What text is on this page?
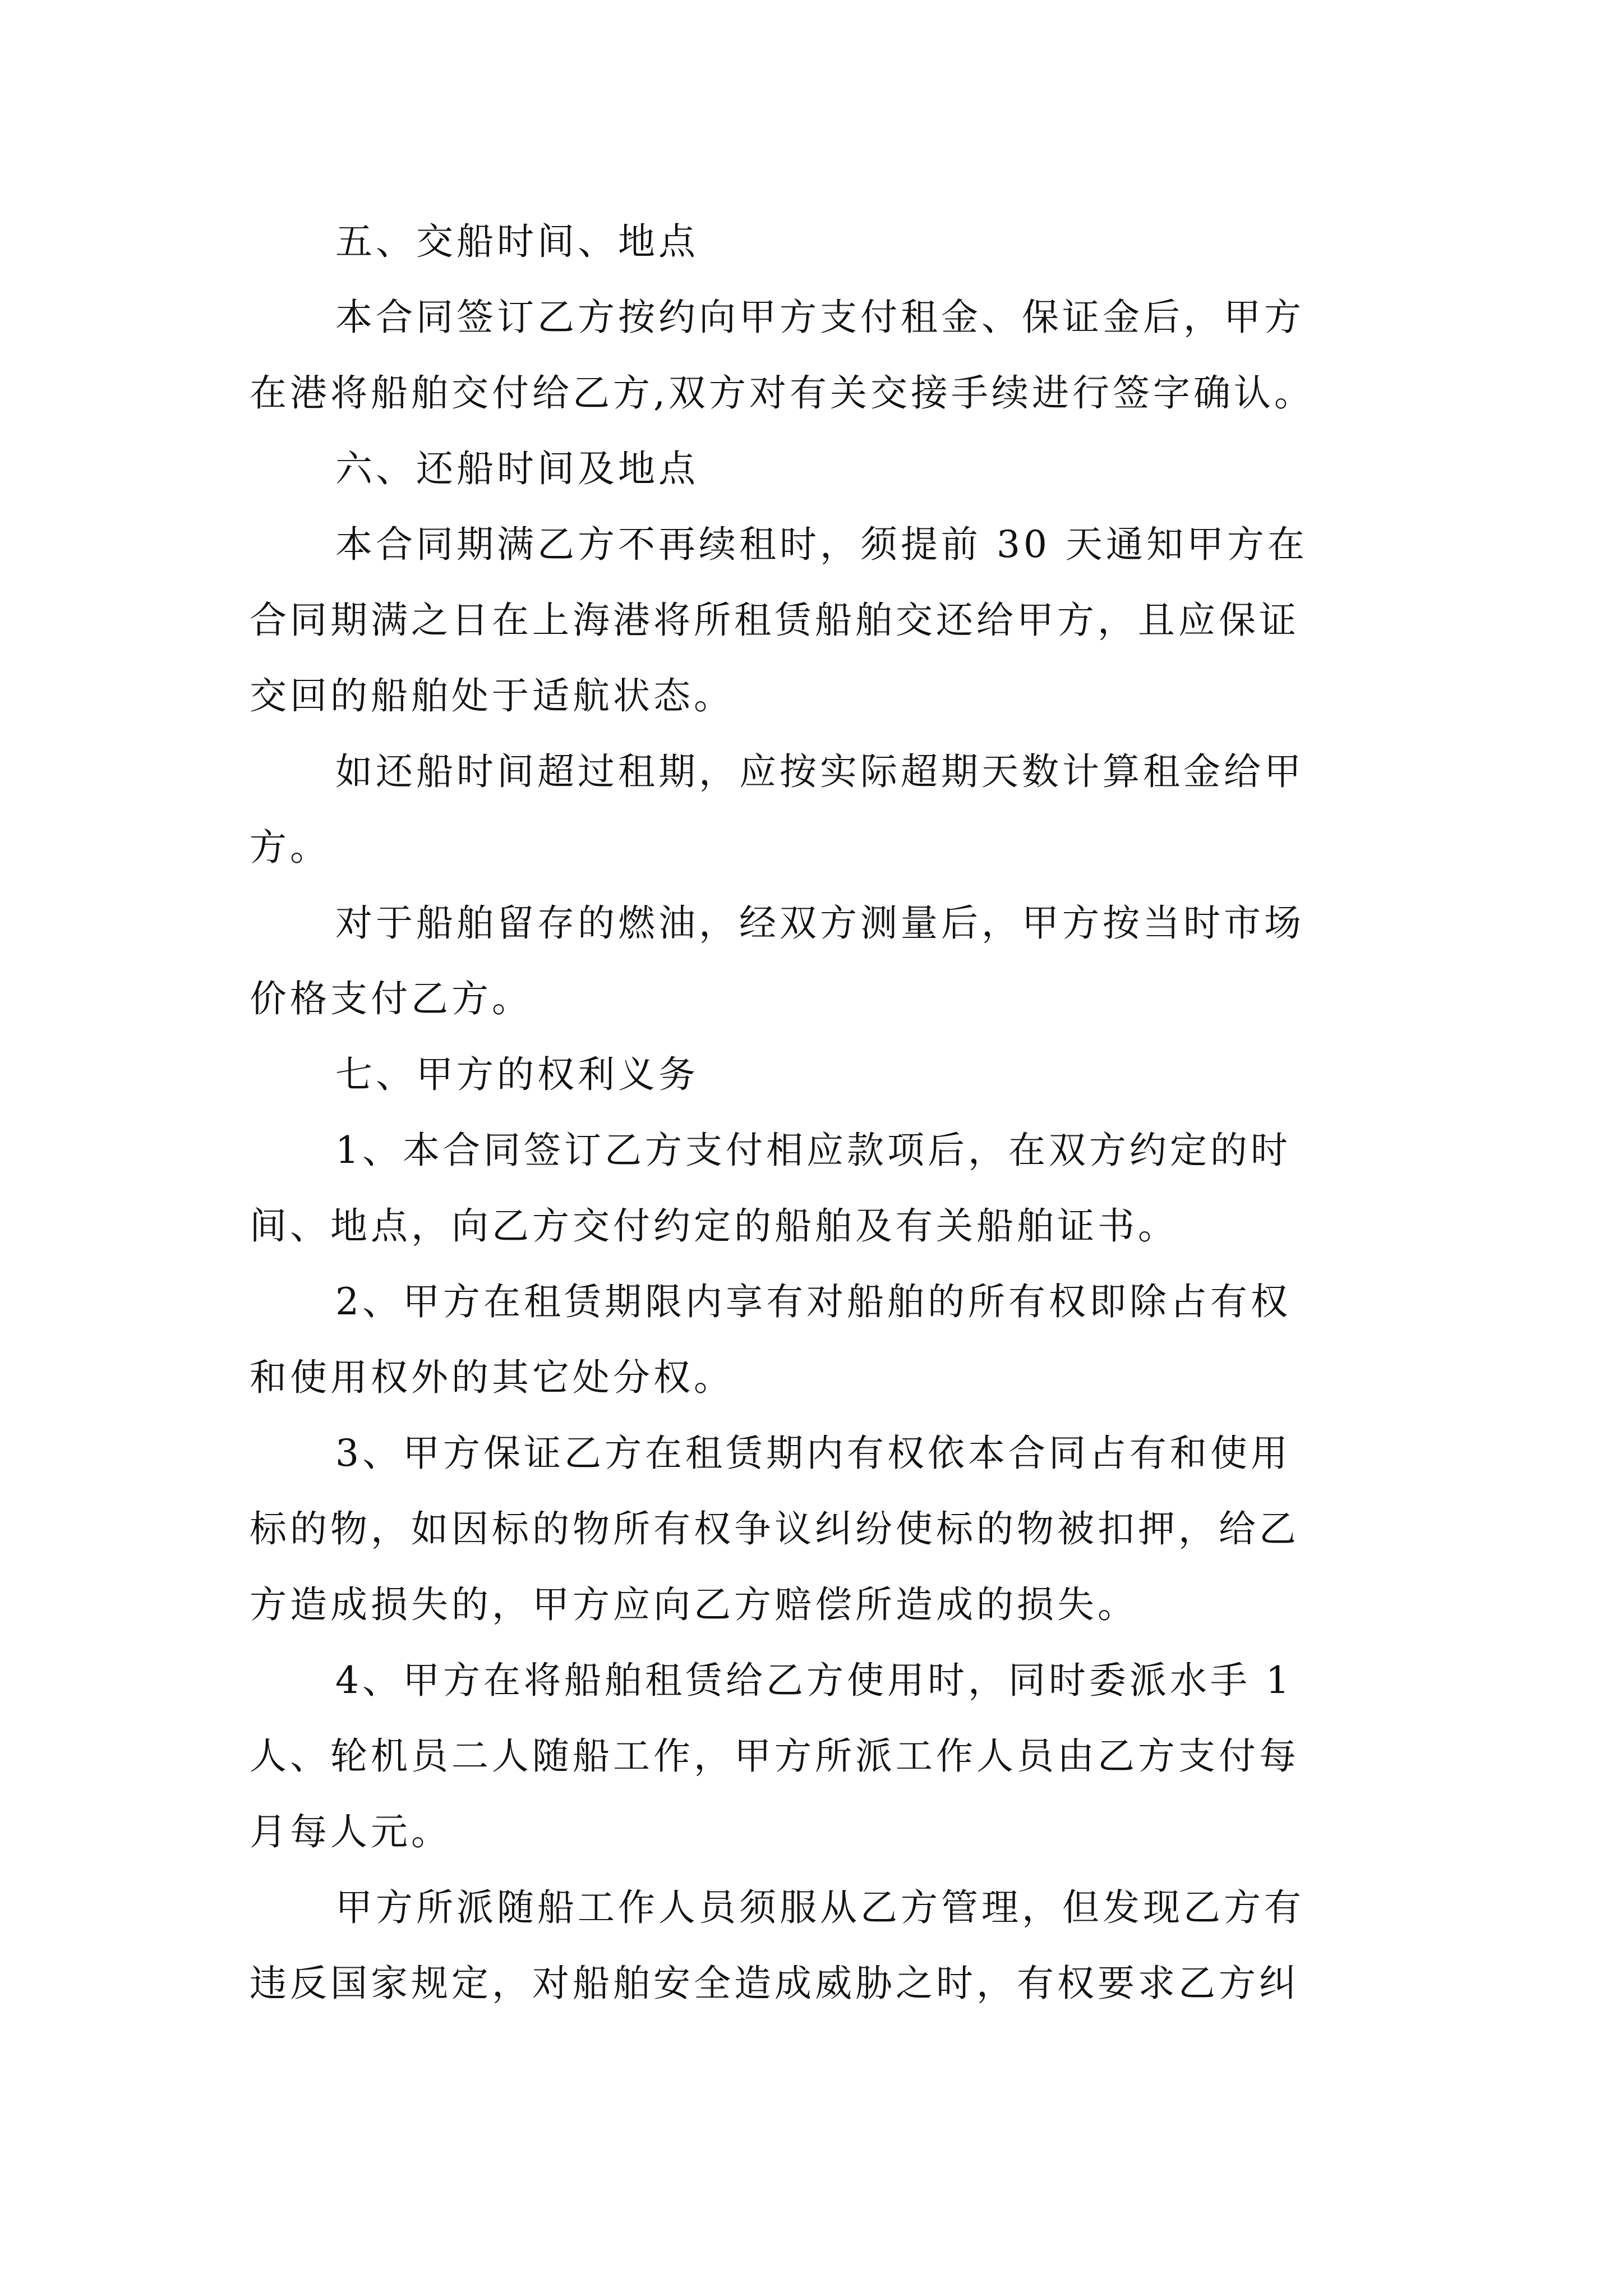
五、交船时间、地点
本合同签订乙方按约向甲方支付租金、保证金后，甲方
在港将船舶交付给乙方,双方对有关交接手续进行签字确认。
六、还船时间及地点
本合同期满乙方不再续租时，须提前 30 天通知甲方在
合同期满之日在上海港将所租赁船舶交还给甲方，且应保证
交回的船舶处于适航状态。
如还船时间超过租期，应按实际超期天数计算租金给甲
方。
对于船舶留存的燃油，经双方测量后，甲方按当时市场
价格支付乙方。
七、甲方的权利义务
1、本合同签订乙方支付相应款项后，在双方约定的时
间、地点，向乙方交付约定的船舶及有关船舶证书。
2、甲方在租赁期限内享有对船舶的所有权即除占有权
和使用权外的其它处分权。
3、甲方保证乙方在租赁期内有权依本合同占有和使用
标的物，如因标的物所有权争议纠纷使标的物被扣押，给乙
方造成损失的，甲方应向乙方赔偿所造成的损失。
4、甲方在将船舶租赁给乙方使用时，同时委派水手 1
人、轮机员二人随船工作，甲方所派工作人员由乙方支付每
月每人元。
甲方所派随船工作人员须服从乙方管理，但发现乙方有
违反国家规定，对船舶安全造成威胁之时，有权要求乙方纠
